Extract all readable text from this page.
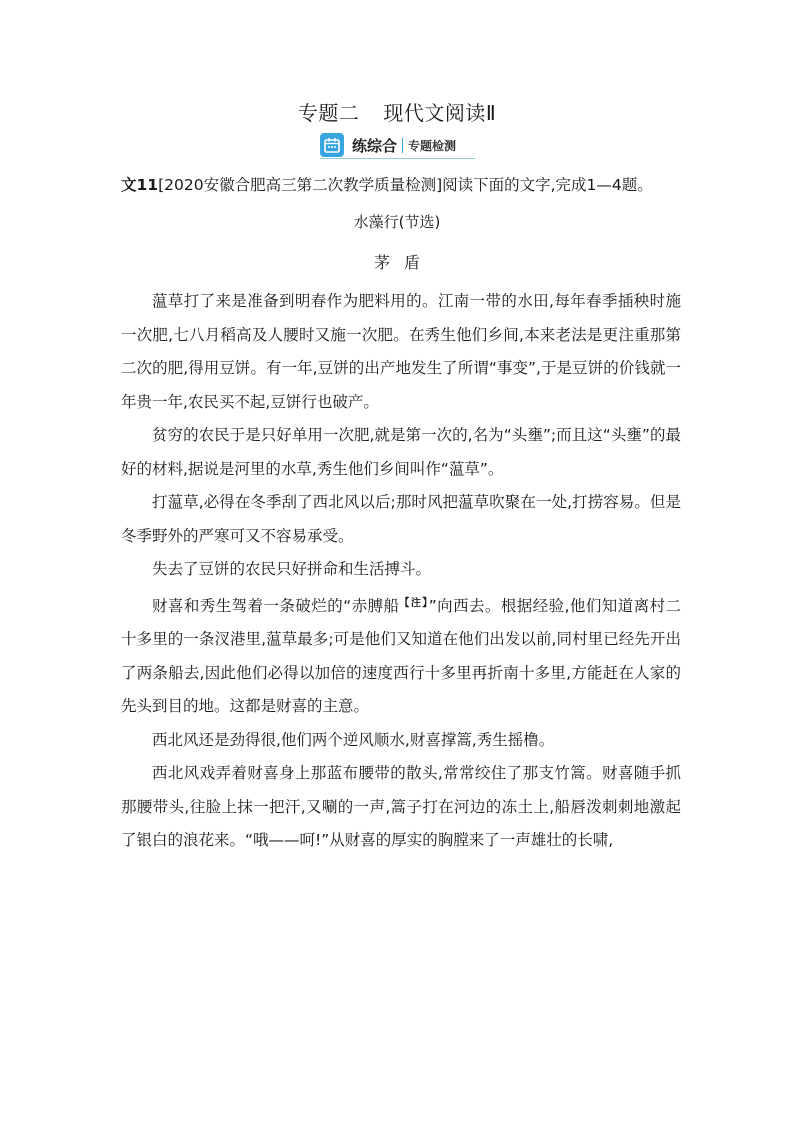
专题二 现代文阅读Ⅱ
练综合 专题检测
文11[2020安徽合肥高三第二次教学质量检测]阅读下面的文字,完成1—4题。
水藻行(节选)
茅盾

蕰草打了来是准备到明春作为肥料用的。江南一带的水田,每年春季插秧时施一次肥,七八月稻高及人腰时又施一次肥。在秀生他们乡间,本来老法是更注重那第二次的肥,得用豆饼。有一年,豆饼的出产地发生了所谓“事变”,于是豆饼的价钱就一年贵一年,农民买不起,豆饼行也破产。

贫穷的农民于是只好单用一次肥,就是第一次的,名为“头壅”;而且这“头壅”的最好的材料,据说是河里的水草,秀生他们乡间叫作“蕰草”。

打蕰草,必得在冬季刮了西北风以后;那时风把蕰草吹聚在一处,打捞容易。但是冬季野外的严寒可又不容易承受。

失去了豆饼的农民只好拼命和生活搏斗。

财喜和秀生驾着一条破烂的“赤膊船$^{【注】}$”向西去。根据经验,他们知道离村二十多里的一条汊港里,蕰草最多;可是他们又知道在他们出发以前,同村里已经先开出了两条船去,因此他们必得以加倍的速度西行十多里再折南十多里,方能赶在人家的先头到目的地。这都是财喜的主意。

西北风还是劲得很,他们两个逆风顺水,财喜撑篙,秀生摇橹。

西北风戏弄着财喜身上那蓝布腰带的散头,常常绞住了那支竹篙。财喜随手抓那腰带头,往脸上抹一把汗,又唰的一声,篙子打在河边的冻土上,船唇泼刺刺地激起了银白的浪花来。“哦——呵!”从财喜的厚实的胸膛来了一声雄壮的长啸,
